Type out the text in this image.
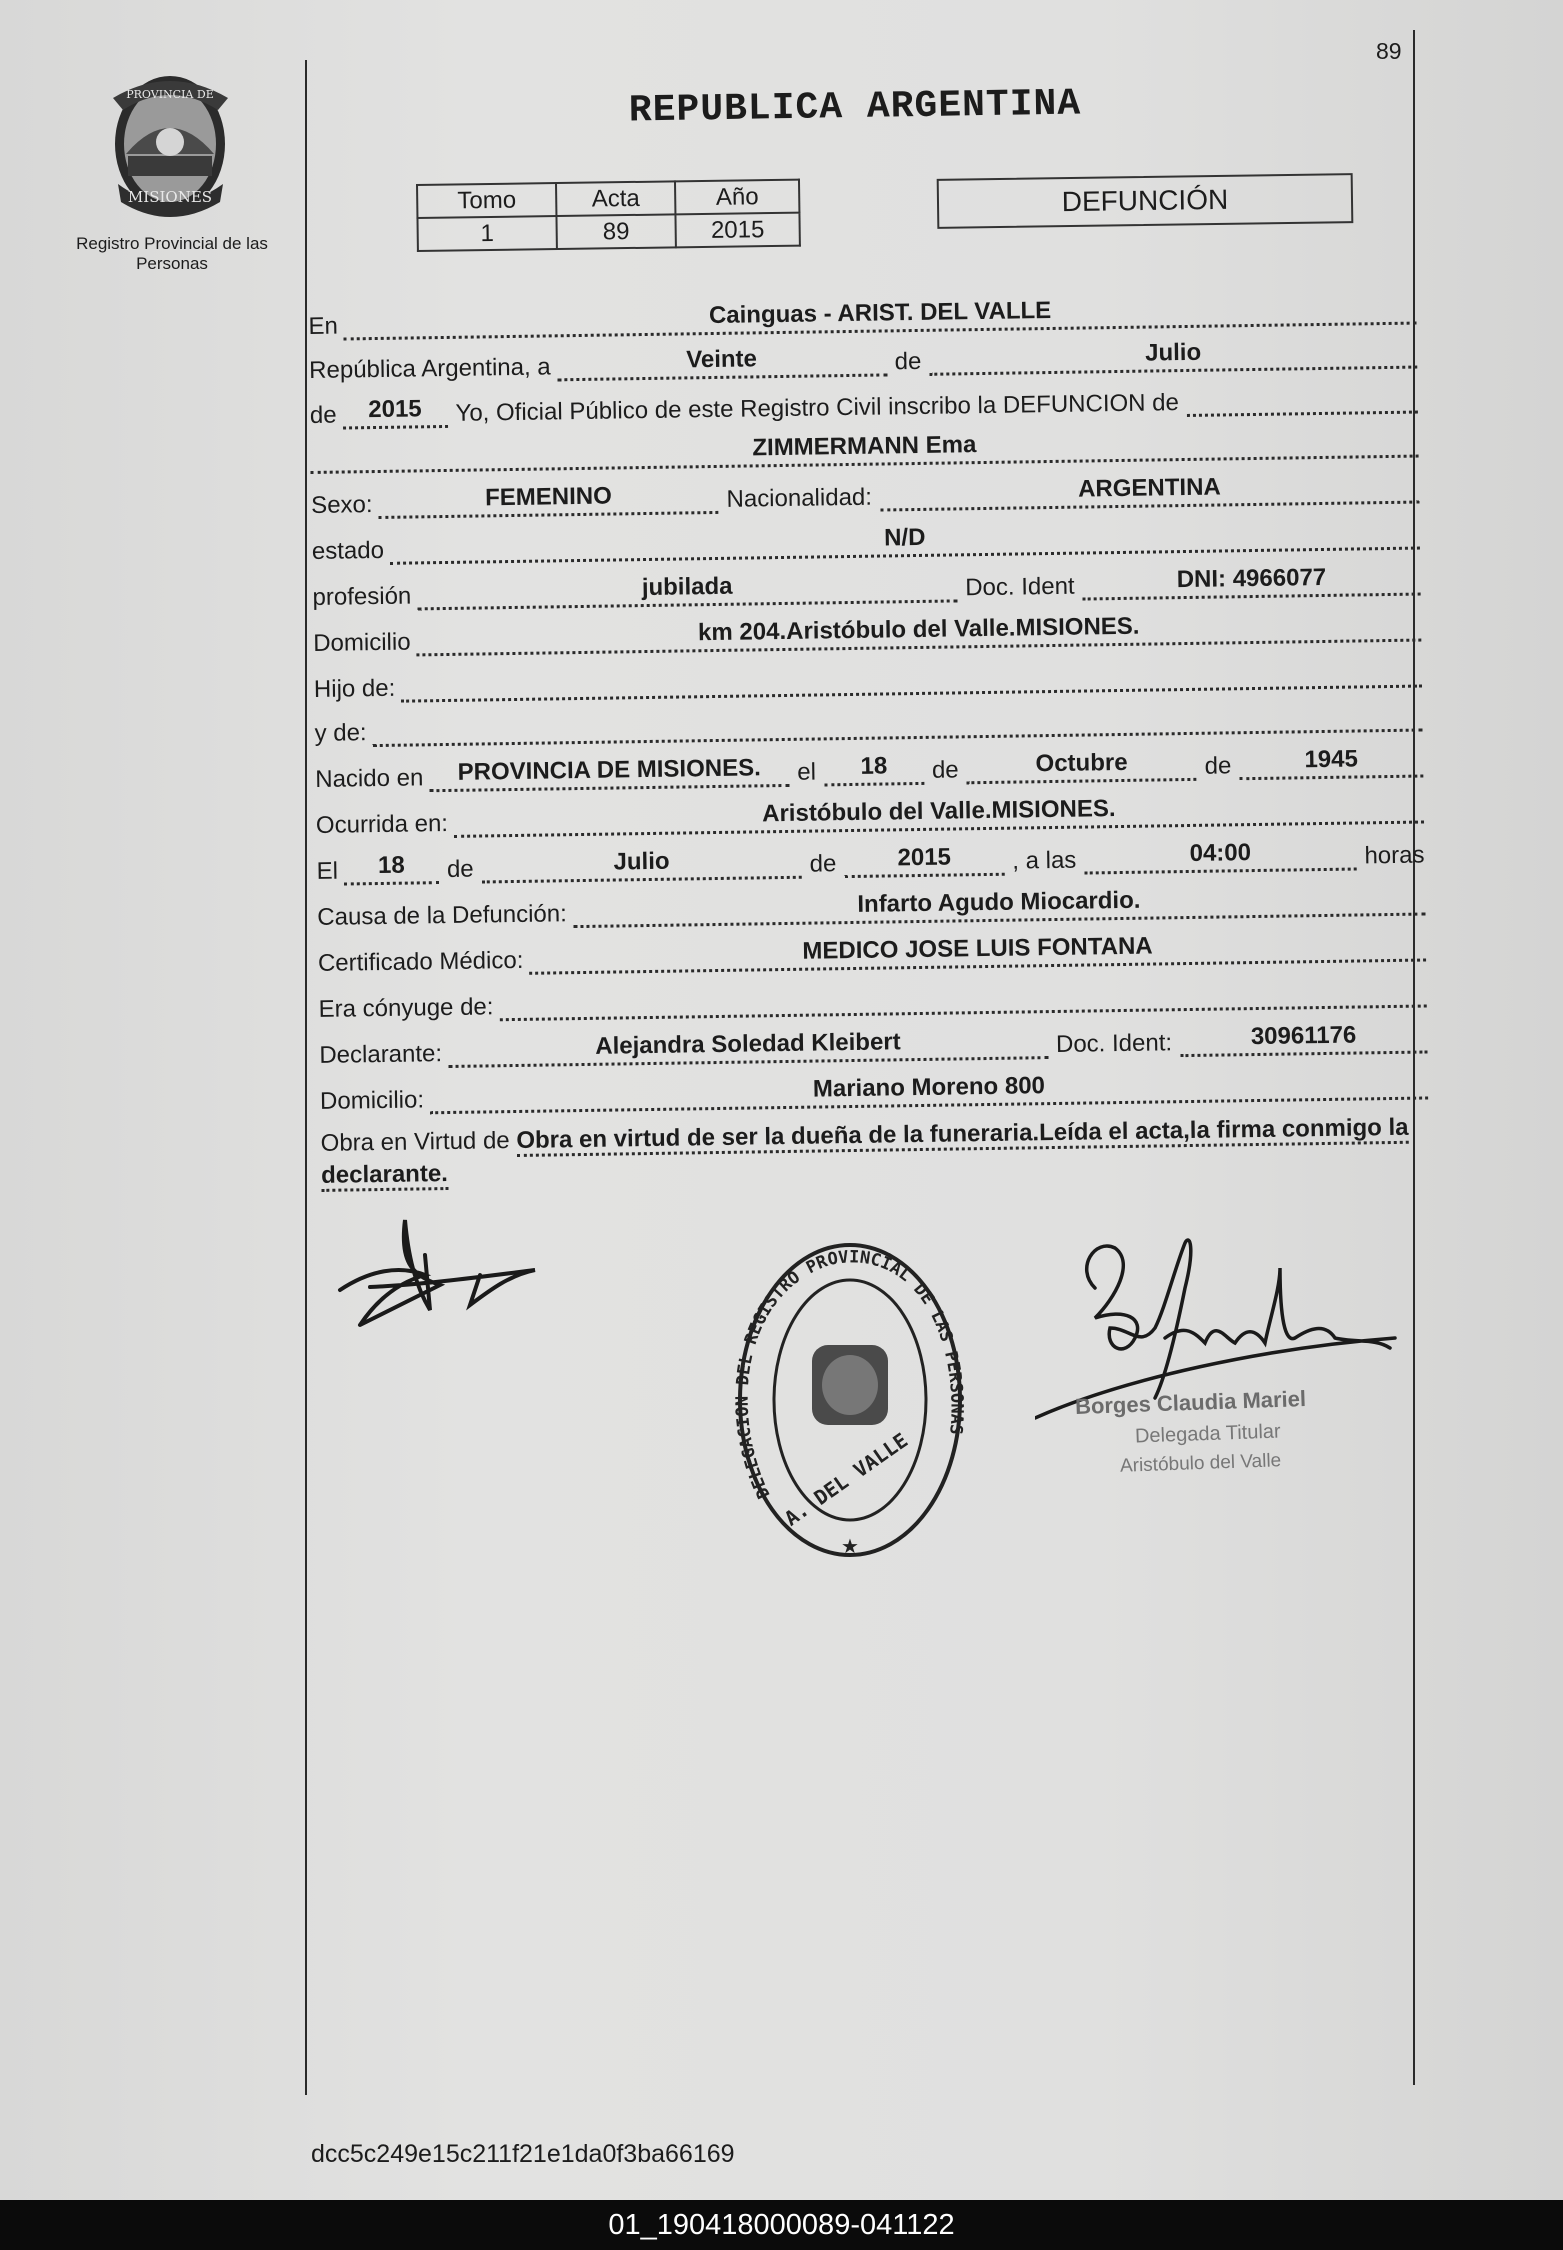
89
PROVINCIA DE
MISIONES
Registro Provincial de las Personas
REPUBLICA ARGENTINA
Tomo	Acta	Año
1	89	2015
DEFUNCIÓN
En	Cainguas - ARIST. DEL VALLE
República Argentina, a	Veinte	de	Julio
de	2015	Yo, Oficial Público de este Registro Civil inscribo la DEFUNCION de
ZIMMERMANN Ema
Sexo:	FEMENINO	Nacionalidad:	ARGENTINA
estado	N/D
profesión	jubilada	Doc. Ident	DNI: 4966077
Domicilio	km 204.Aristóbulo del Valle.MISIONES.
Hijo de:
y de:
Nacido en	PROVINCIA DE MISIONES.	el	18	de	Octubre	de	1945
Ocurrida en:	Aristóbulo del Valle.MISIONES.
El	18	de	Julio	de	2015	, a las	04:00	horas
Causa de la Defunción:	Infarto Agudo Miocardio.
Certificado Médico:	MEDICO JOSE LUIS FONTANA
Era cónyuge de:
Declarante:	Alejandra Soledad Kleibert	Doc. Ident:	30961176
Domicilio:	Mariano Moreno 800
Obra en Virtud de Obra en virtud de ser la dueña de la funeraria.Leída el acta,la firma conmigo la declarante.
DELEGACION DEL REGISTRO PROVINCIAL DE LAS PERSONAS
A. DEL VALLE
★
Borges Claudia Mariel
Delegada Titular
Aristóbulo del Valle
dcc5c249e15c211f21e1da0f3ba66169
01_190418000089-041122
